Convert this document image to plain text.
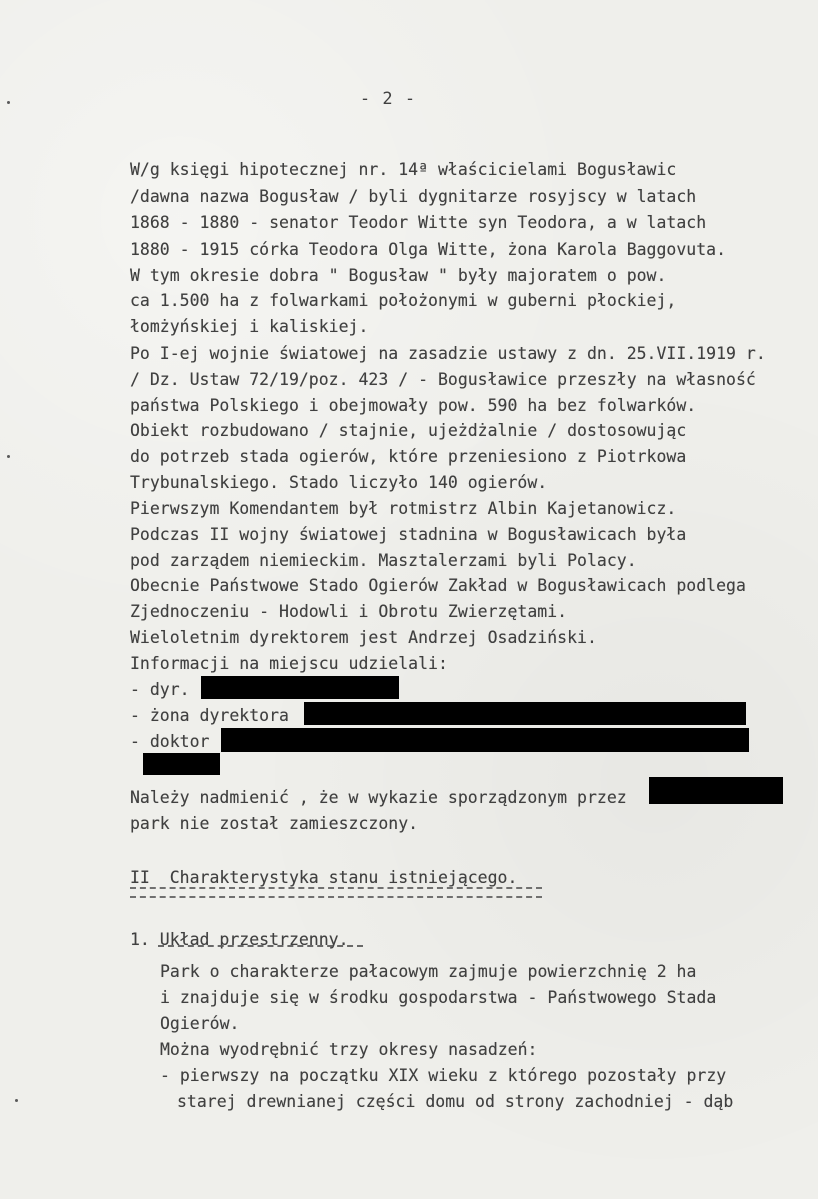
- 2 -
W/g księgi hipotecznej nr. 14ª właścicielami Bogusławic
/dawna nazwa Bogusław / byli dygnitarze rosyjscy w latach
1868 - 1880 - senator Teodor Witte syn Teodora, a w latach
1880 - 1915 córka Teodora Olga Witte, żona Karola Baggovuta.
W tym okresie dobra " Bogusław " były majoratem o pow.
ca 1.500 ha z folwarkami położonymi w guberni płockiej,
łomżyńskiej i kaliskiej.
Po I-ej wojnie światowej na zasadzie ustawy z dn. 25.VII.1919 r.
/ Dz. Ustaw 72/19/poz. 423 / - Bogusławice przeszły na własność
państwa Polskiego i obejmowały pow. 590 ha bez folwarków.
Obiekt rozbudowano / stajnie, ujeżdżalnie / dostosowując
do potrzeb stada ogierów, które przeniesiono z Piotrkowa
Trybunalskiego. Stado liczyło 140 ogierów.
Pierwszym Komendantem był rotmistrz Albin Kajetanowicz.
Podczas II wojny światowej stadnina w Bogusławicach była
pod zarządem niemieckim. Masztalerzami byli Polacy.
Obecnie Państwowe Stado Ogierów Zakład w Bogusławicach podlega
Zjednoczeniu - Hodowli i Obrotu Zwierzętami.
Wieloletnim dyrektorem jest Andrzej Osadziński.
Informacji na miejscu udzielali:
- dyr.
- żona dyrektora
- doktor
Należy nadmienić , że w wykazie sporządzonym przez
park nie został zamieszczony.
II  Charakterystyka stanu istniejącego.
1. Układ przestrzenny.
Park o charakterze pałacowym zajmuje powierzchnię 2 ha
i znajduje się w środku gospodarstwa - Państwowego Stada
Ogierów.
Można wyodrębnić trzy okresy nasadzeń:
- pierwszy na początku XIX wieku z którego pozostały przy
starej drewnianej części domu od strony zachodniej - dąb
